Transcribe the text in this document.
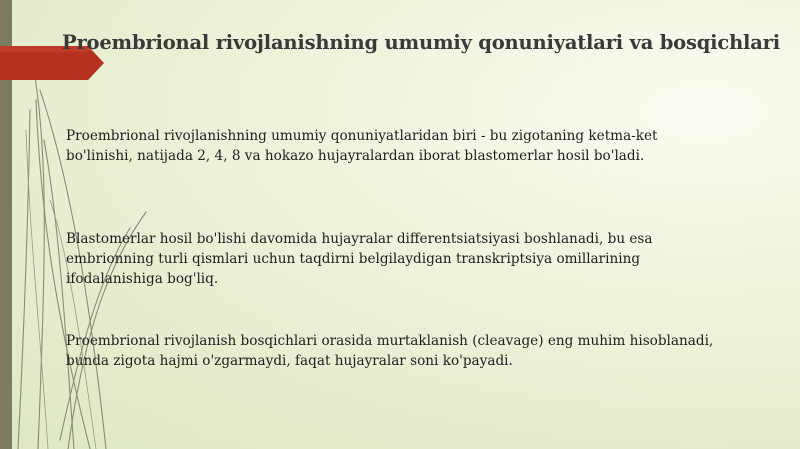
Proembrional rivojlanishning umumiy qonuniyatlari va bosqichlari
Proembrional rivojlanishning umumiy qonuniyatlaridan biri - bu zigotaning ketma-ket
bo'linishi, natijada 2, 4, 8 va hokazo hujayralardan iborat blastomerlar hosil bo'ladi.
Blastomerlar hosil bo'lishi davomida hujayralar differentsiatsiyasi boshlanadi, bu esa
embrionning turli qismlari uchun taqdirni belgilaydigan transkriptsiya omillarining
ifodalanishiga bog'liq.
Proembrional rivojlanish bosqichlari orasida murtaklanish (cleavage) eng muhim hisoblanadi,
bunda zigota hajmi o'zgarmaydi, faqat hujayralar soni ko'payadi.
